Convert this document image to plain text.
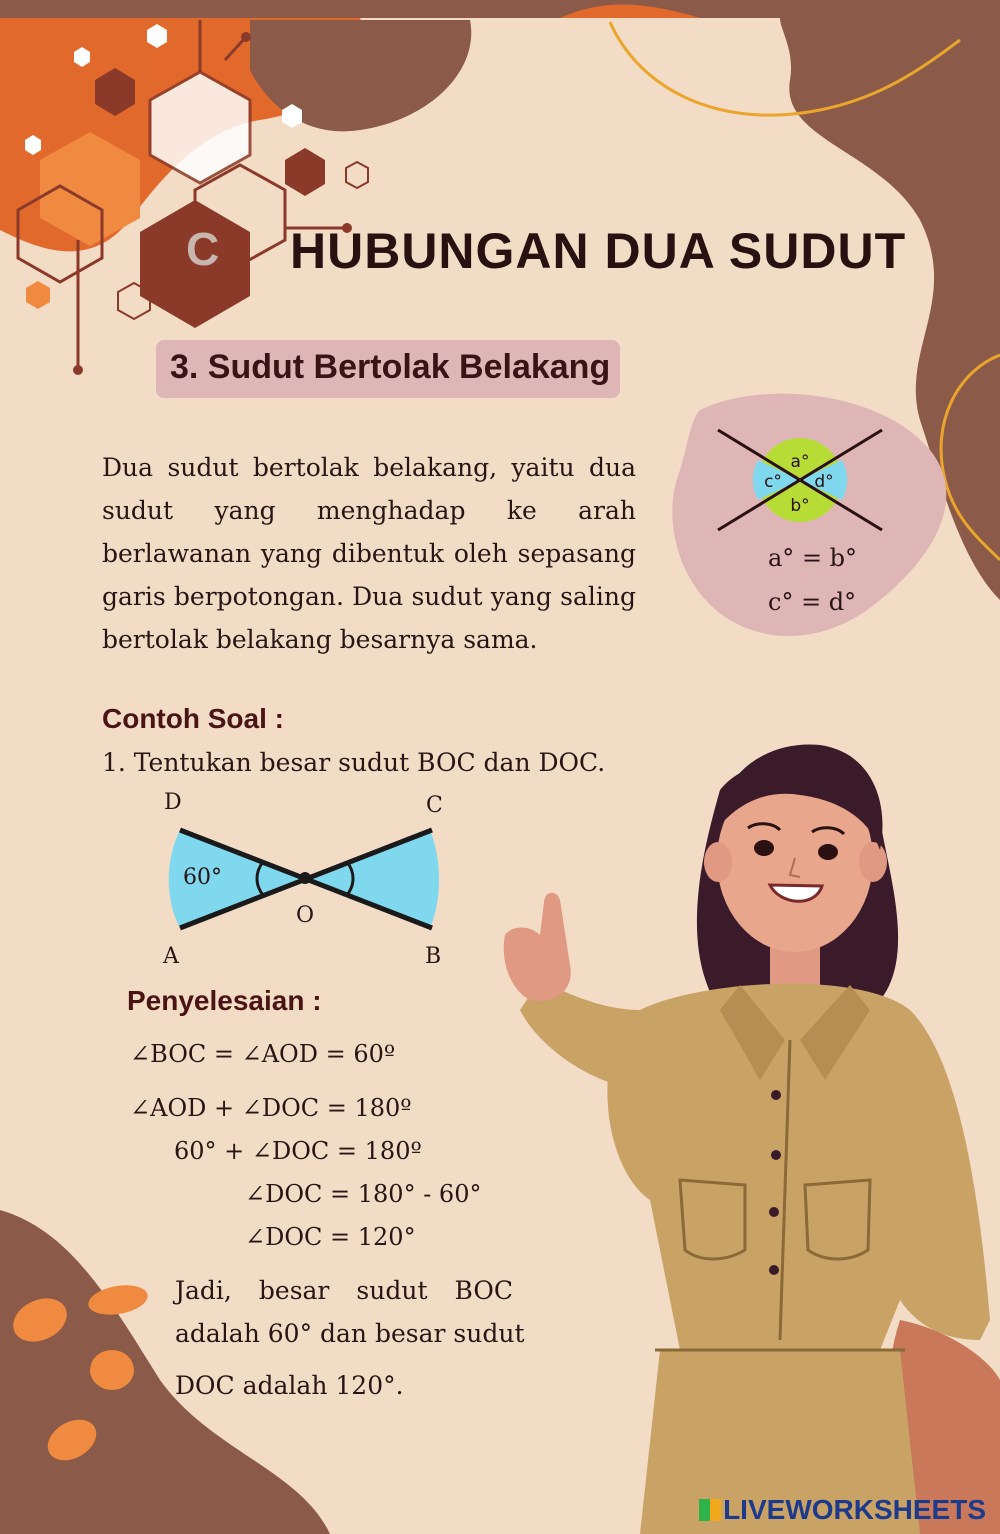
C HUBUNGAN DUA SUDUT
3. Sudut Bertolak Belakang
Dua sudut bertolak belakang, yaitu dua
sudut yang menghadap ke arah
berlawanan yang dibentuk oleh sepasang
garis berpotongan. Dua sudut yang saling
bertolak belakang besarnya sama.
a°
b°
c° d°
a° = b°
c° = d°
Contoh Soal :
1. Tentukan besar sudut BOC dan DOC.
D	C
A	B
O
60°
Penyelesaian :
∠BOC = ∠AOD = 60º
∠AOD + ∠DOC = 180º
60° + ∠DOC = 180º
∠DOC = 180° - 60°
∠DOC = 120°
Jadi, besar sudut BOC
adalah 60° dan besar sudut
DOC adalah 120°.
LIVEWORKSHEETS
